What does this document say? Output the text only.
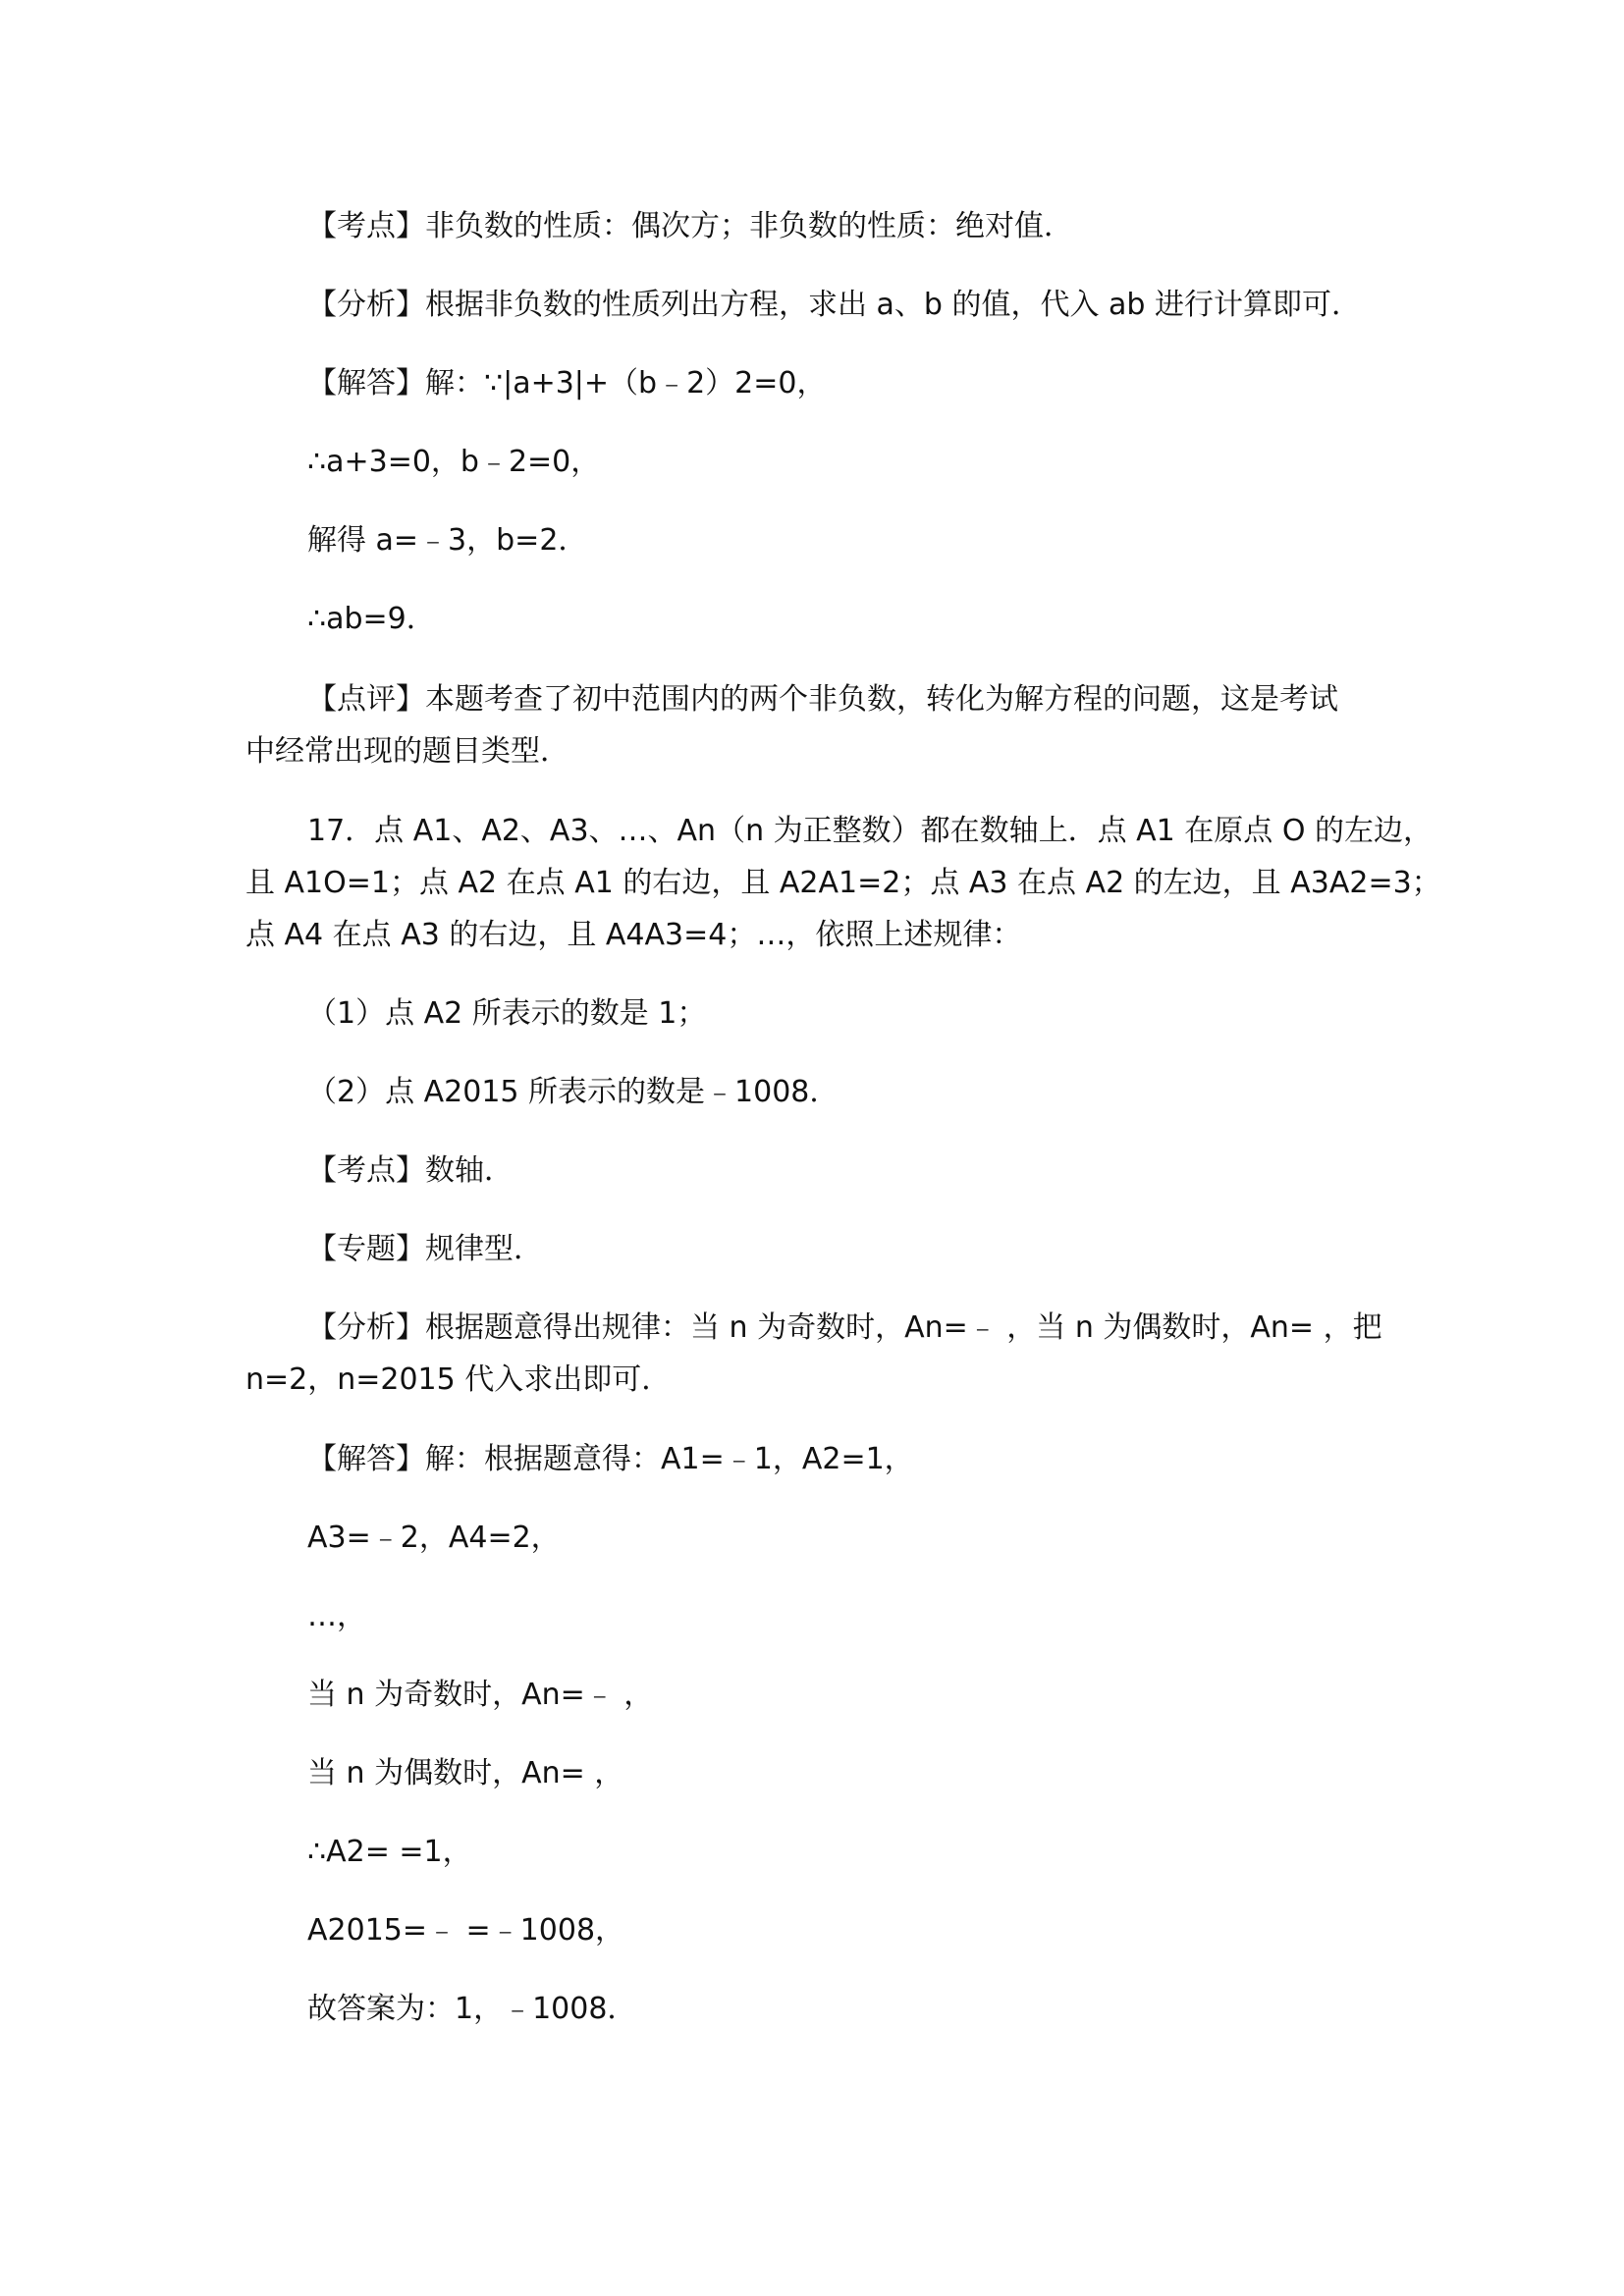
【考点】非负数的性质：偶次方；非负数的性质：绝对值．
【分析】根据非负数的性质列出方程，求出 a、b 的值，代入 ab 进行计算即可．
【解答】解：∵|a+3|+（b﹣2）2=0，
∴a+3=0，b﹣2=0，
解得 a=﹣3，b=2．
∴ab=9．
【点评】本题考查了初中范围内的两个非负数，转化为解方程的问题，这是考试
中经常出现的题目类型．
17．点 A1、A2、A3、…、An（n 为正整数）都在数轴上．点 A1 在原点 O 的左边，
且 A1O=1；点 A2 在点 A1 的右边，且 A2A1=2；点 A3 在点 A2 的左边，且 A3A2=3；
点 A4 在点 A3 的右边，且 A4A3=4；…，依照上述规律：
（1）点 A2 所表示的数是 1；
（2）点 A2015 所表示的数是﹣1008．
【考点】数轴．
【专题】规律型．
【分析】根据题意得出规律：当 n 为奇数时，An=﹣ ，当 n 为偶数时，An= ，把
n=2，n=2015 代入求出即可．
【解答】解：根据题意得：A1=﹣1，A2=1，
A3=﹣2，A4=2，
…，
当 n 为奇数时，An=﹣ ，
当 n 为偶数时，An= ，
∴A2= =1，
A2015=﹣ =﹣1008，
故答案为：1，﹣1008．
